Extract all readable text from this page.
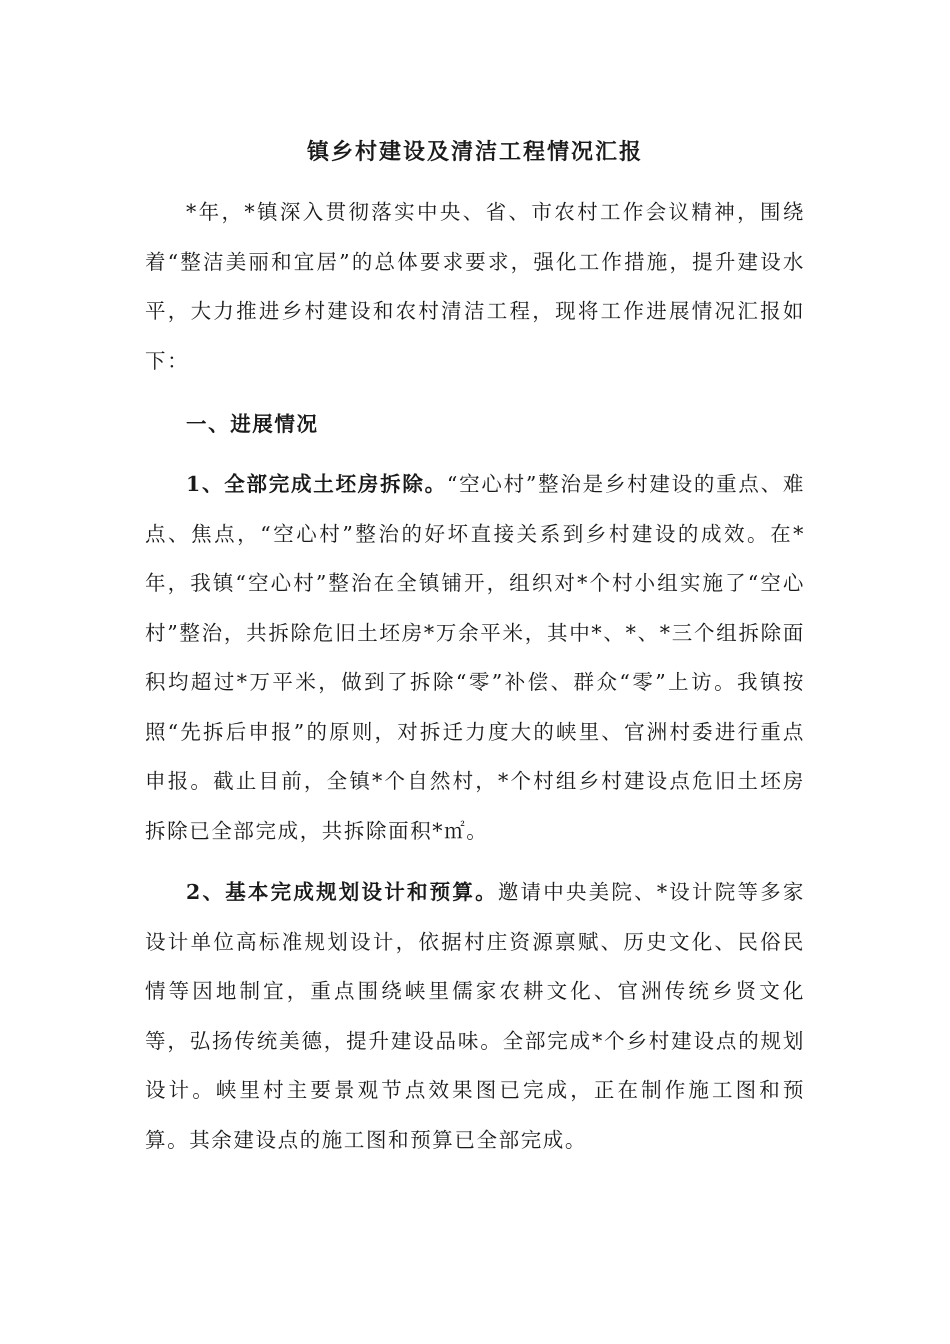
镇乡村建设及清洁工程情况汇报

*年，*镇深入贯彻落实中央、省、市农村工作会议精神，围绕着“整洁美丽和宜居”的总体要求要求，强化工作措施，提升建设水平，大力推进乡村建设和农村清洁工程，现将工作进展情况汇报如下：

一、进展情况

1、全部完成土坯房拆除。“空心村”整治是乡村建设的重点、难点、焦点，“空心村”整治的好坏直接关系到乡村建设的成效。在*年，我镇“空心村”整治在全镇铺开，组织对*个村小组实施了“空心村”整治，共拆除危旧土坯房*万余平米，其中*、*、*三个组拆除面积均超过*万平米，做到了拆除“零”补偿、群众“零”上访。我镇按照“先拆后申报”的原则，对拆迁力度大的峡里、官洲村委进行重点申报。截止目前，全镇*个自然村，*个村组乡村建设点危旧土坯房拆除已全部完成，共拆除面积*㎡。

2、基本完成规划设计和预算。邀请中央美院、*设计院等多家设计单位高标准规划设计，依据村庄资源禀赋、历史文化、民俗民情等因地制宜，重点围绕峡里儒家农耕文化、官洲传统乡贤文化等，弘扬传统美德，提升建设品味。全部完成*个乡村建设点的规划设计。峡里村主要景观节点效果图已完成，正在制作施工图和预算。其余建设点的施工图和预算已全部完成。
